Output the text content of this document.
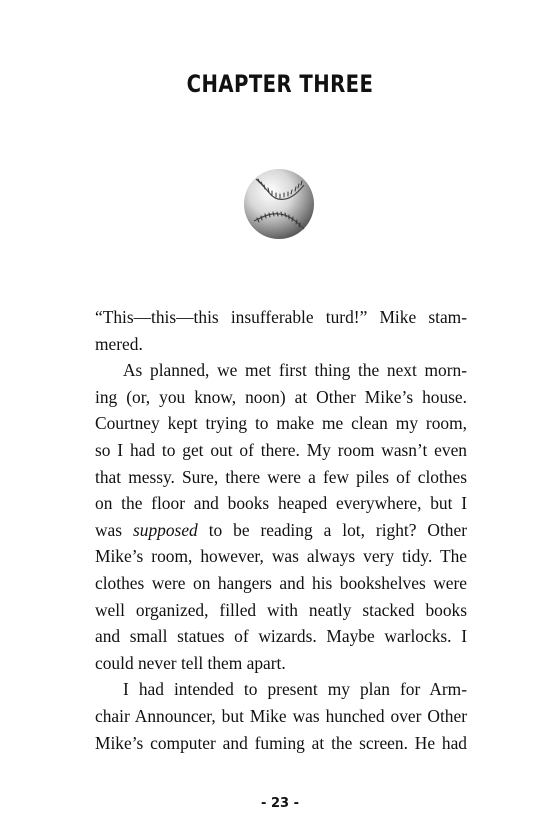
CHAPTER THREE
“This—this—this insufferable turd!” Mike stam-
mered.
As planned, we met first thing the next morn-
ing (or, you know, noon) at Other Mike’s house.
Courtney kept trying to make me clean my room,
so I had to get out of there. My room wasn’t even
that messy. Sure, there were a few piles of clothes
on the floor and books heaped everywhere, but I
was supposed to be reading a lot, right? Other
Mike’s room, however, was always very tidy. The
clothes were on hangers and his bookshelves were
well organized, filled with neatly stacked books
and small statues of wizards. Maybe warlocks. I
could never tell them apart.
I had intended to present my plan for Arm-
chair Announcer, but Mike was hunched over Other
Mike’s computer and fuming at the screen. He had
- 23 -
